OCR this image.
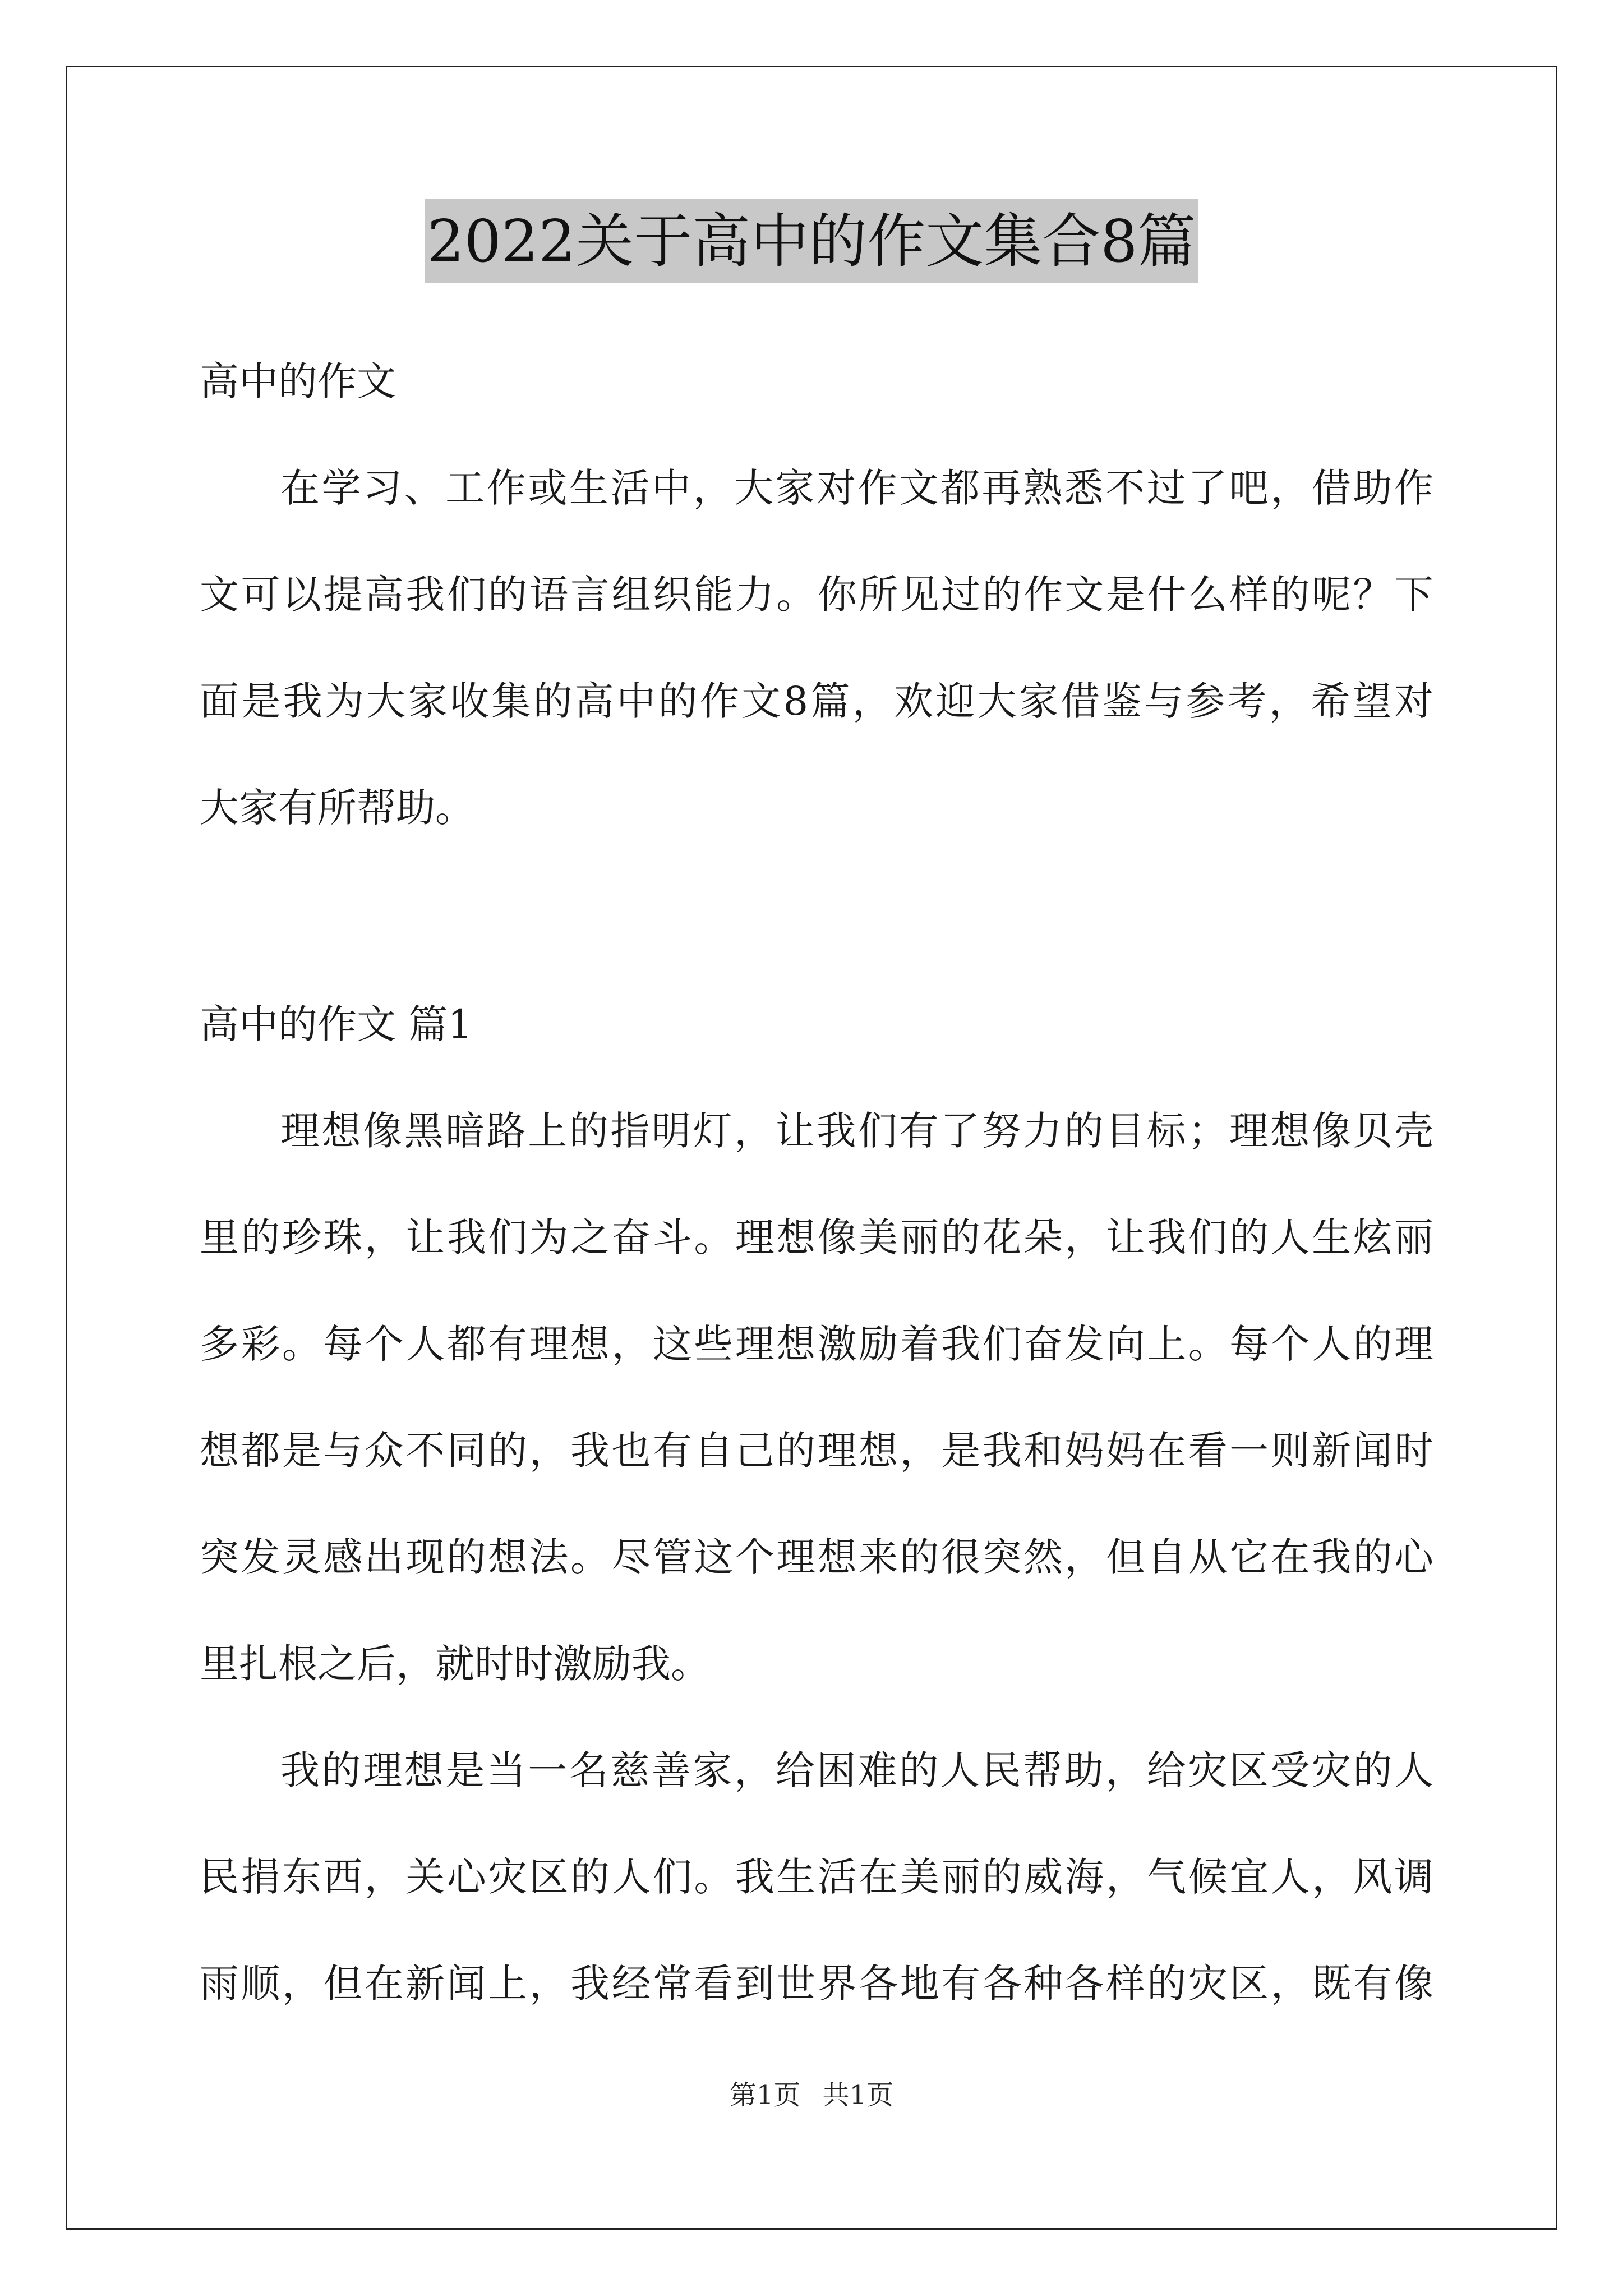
2022关于高中的作文集合8篇
高中的作文
在学习、工作或生活中，大家对作文都再熟悉不过了吧，借助作
文可以提高我们的语言组织能力。你所见过的作文是什么样的呢？下
面是我为大家收集的高中的作文8篇，欢迎大家借鉴与参考，希望对
大家有所帮助。
高中的作文 篇1
理想像黑暗路上的指明灯，让我们有了努力的目标；理想像贝壳
里的珍珠，让我们为之奋斗。理想像美丽的花朵，让我们的人生炫丽
多彩。每个人都有理想，这些理想激励着我们奋发向上。每个人的理
想都是与众不同的，我也有自己的理想，是我和妈妈在看一则新闻时
突发灵感出现的想法。尽管这个理想来的很突然，但自从它在我的心
里扎根之后，就时时激励我。
我的理想是当一名慈善家，给困难的人民帮助，给灾区受灾的人
民捐东西，关心灾区的人们。我生活在美丽的威海，气候宜人，风调
雨顺，但在新闻上，我经常看到世界各地有各种各样的灾区，既有像
第1页 共1页
